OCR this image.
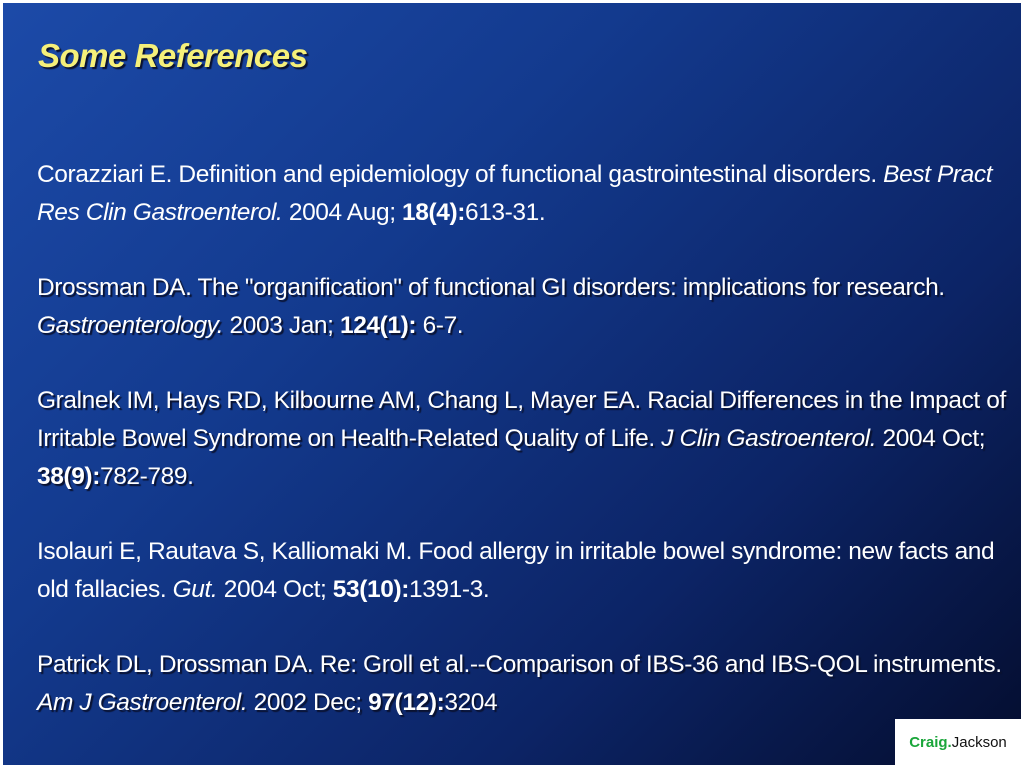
Some References

Corazziari E. Definition and epidemiology of functional gastrointestinal disorders. Best Pract Res Clin Gastroenterol. 2004 Aug; 18(4):613-31.

Drossman DA. The "organification" of functional GI disorders: implications for research. Gastroenterology. 2003 Jan; 124(1): 6-7.

Gralnek IM, Hays RD, Kilbourne AM, Chang L, Mayer EA. Racial Differences in the Impact of Irritable Bowel Syndrome on Health-Related Quality of Life. J Clin Gastroenterol. 2004 Oct; 38(9):782-789.

Isolauri E, Rautava S, Kalliomaki M. Food allergy in irritable bowel syndrome: new facts and old fallacies. Gut. 2004 Oct; 53(10):1391-3.

Patrick DL, Drossman DA. Re: Groll et al.--Comparison of IBS-36 and IBS-QOL instruments. Am J Gastroenterol. 2002 Dec; 97(12):3204

Craig. Jackson
